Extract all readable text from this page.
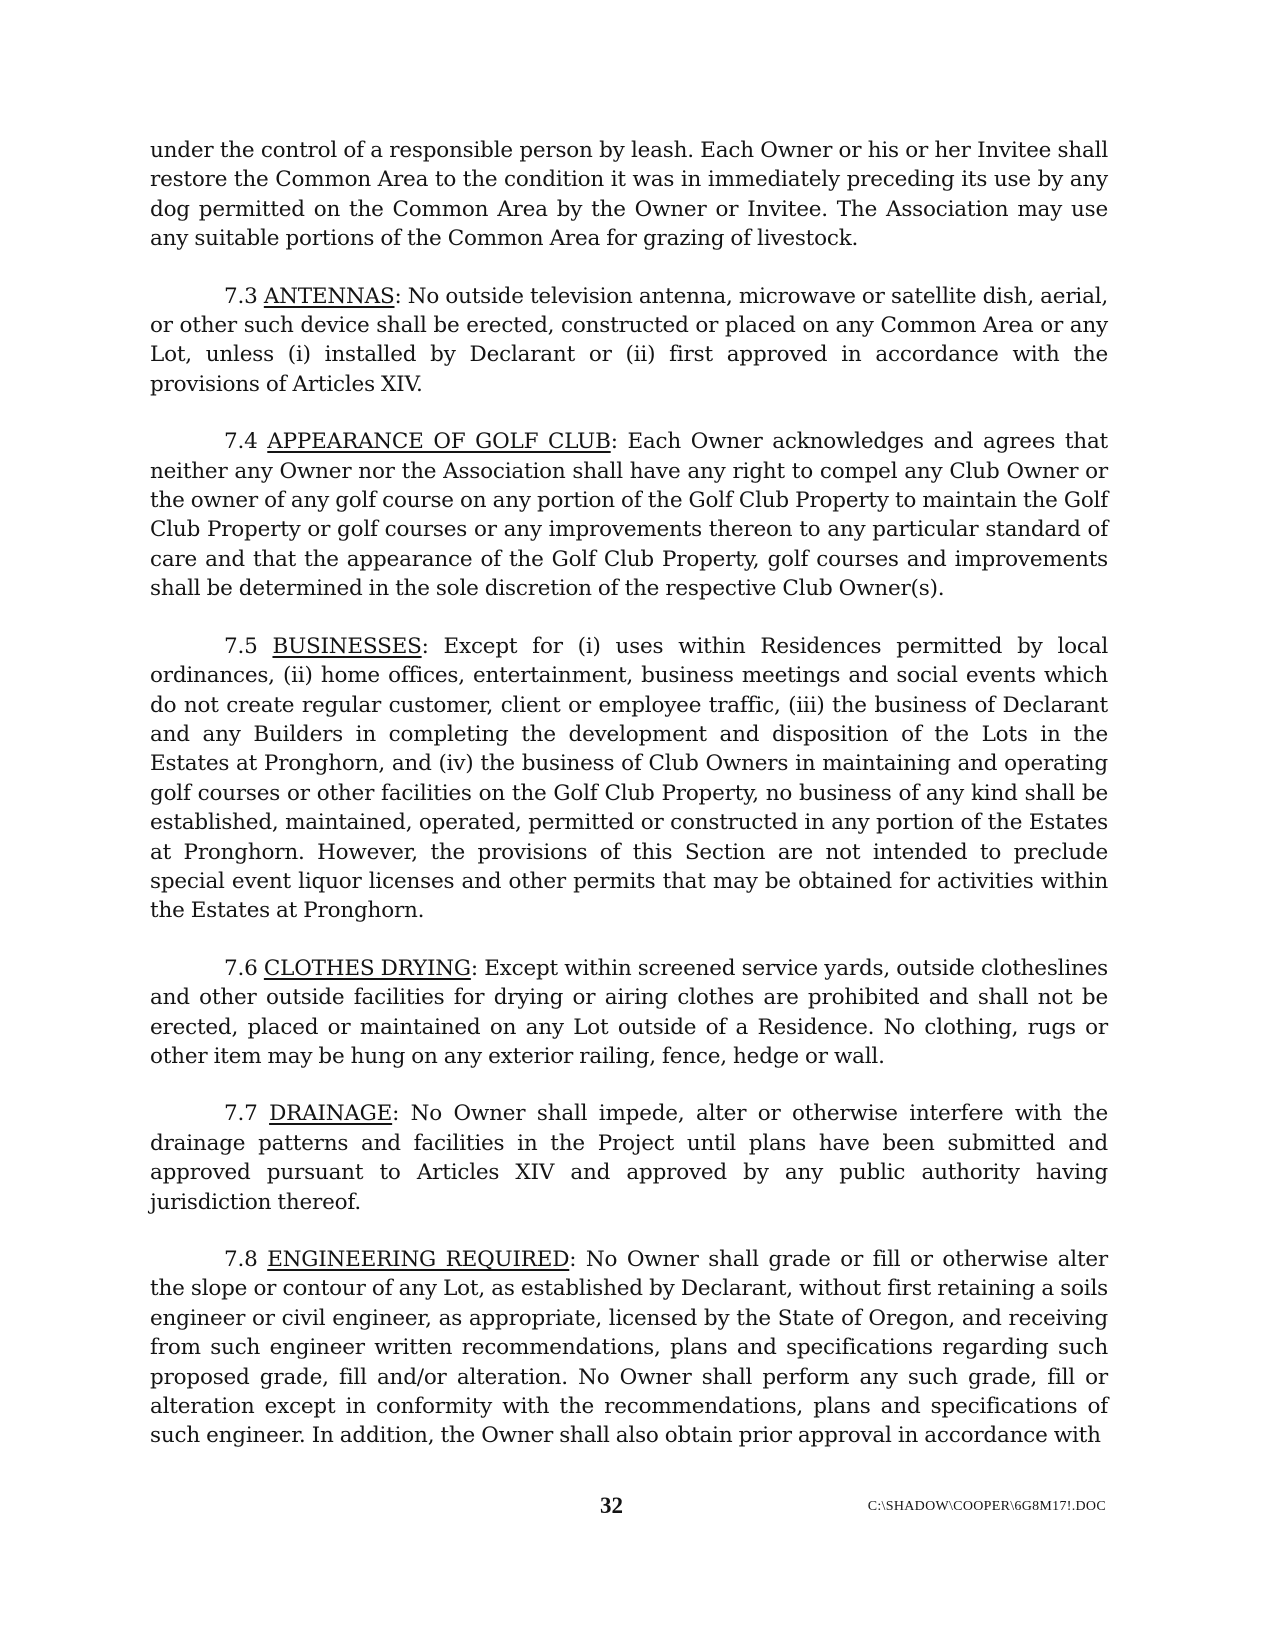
under the control of a responsible person by leash. Each Owner or his or her Invitee shall restore the Common Area to the condition it was in immediately preceding its use by any dog permitted on the Common Area by the Owner or Invitee. The Association may use any suitable portions of the Common Area for grazing of livestock.

7.3 ANTENNAS: No outside television antenna, microwave or satellite dish, aerial, or other such device shall be erected, constructed or placed on any Common Area or any Lot, unless (i) installed by Declarant or (ii) first approved in accordance with the provisions of Articles XIV.

7.4 APPEARANCE OF GOLF CLUB: Each Owner acknowledges and agrees that neither any Owner nor the Association shall have any right to compel any Club Owner or the owner of any golf course on any portion of the Golf Club Property to maintain the Golf Club Property or golf courses or any improvements thereon to any particular standard of care and that the appearance of the Golf Club Property, golf courses and improvements shall be determined in the sole discretion of the respective Club Owner(s).

7.5 BUSINESSES: Except for (i) uses within Residences permitted by local ordinances, (ii) home offices, entertainment, business meetings and social events which do not create regular customer, client or employee traffic, (iii) the business of Declarant and any Builders in completing the development and disposition of the Lots in the Estates at Pronghorn, and (iv) the business of Club Owners in maintaining and operating golf courses or other facilities on the Golf Club Property, no business of any kind shall be established, maintained, operated, permitted or constructed in any portion of the Estates at Pronghorn. However, the provisions of this Section are not intended to preclude special event liquor licenses and other permits that may be obtained for activities within the Estates at Pronghorn.

7.6 CLOTHES DRYING: Except within screened service yards, outside clotheslines and other outside facilities for drying or airing clothes are prohibited and shall not be erected, placed or maintained on any Lot outside of a Residence. No clothing, rugs or other item may be hung on any exterior railing, fence, hedge or wall.

7.7 DRAINAGE: No Owner shall impede, alter or otherwise interfere with the drainage patterns and facilities in the Project until plans have been submitted and approved pursuant to Articles XIV and approved by any public authority having jurisdiction thereof.

7.8 ENGINEERING REQUIRED: No Owner shall grade or fill or otherwise alter the slope or contour of any Lot, as established by Declarant, without first retaining a soils engineer or civil engineer, as appropriate, licensed by the State of Oregon, and receiving from such engineer written recommendations, plans and specifications regarding such proposed grade, fill and/or alteration. No Owner shall perform any such grade, fill or alteration except in conformity with the recommendations, plans and specifications of such engineer. In addition, the Owner shall also obtain prior approval in accordance with

32	C:\SHADOW\COOPER\6G8M17!.DOC
